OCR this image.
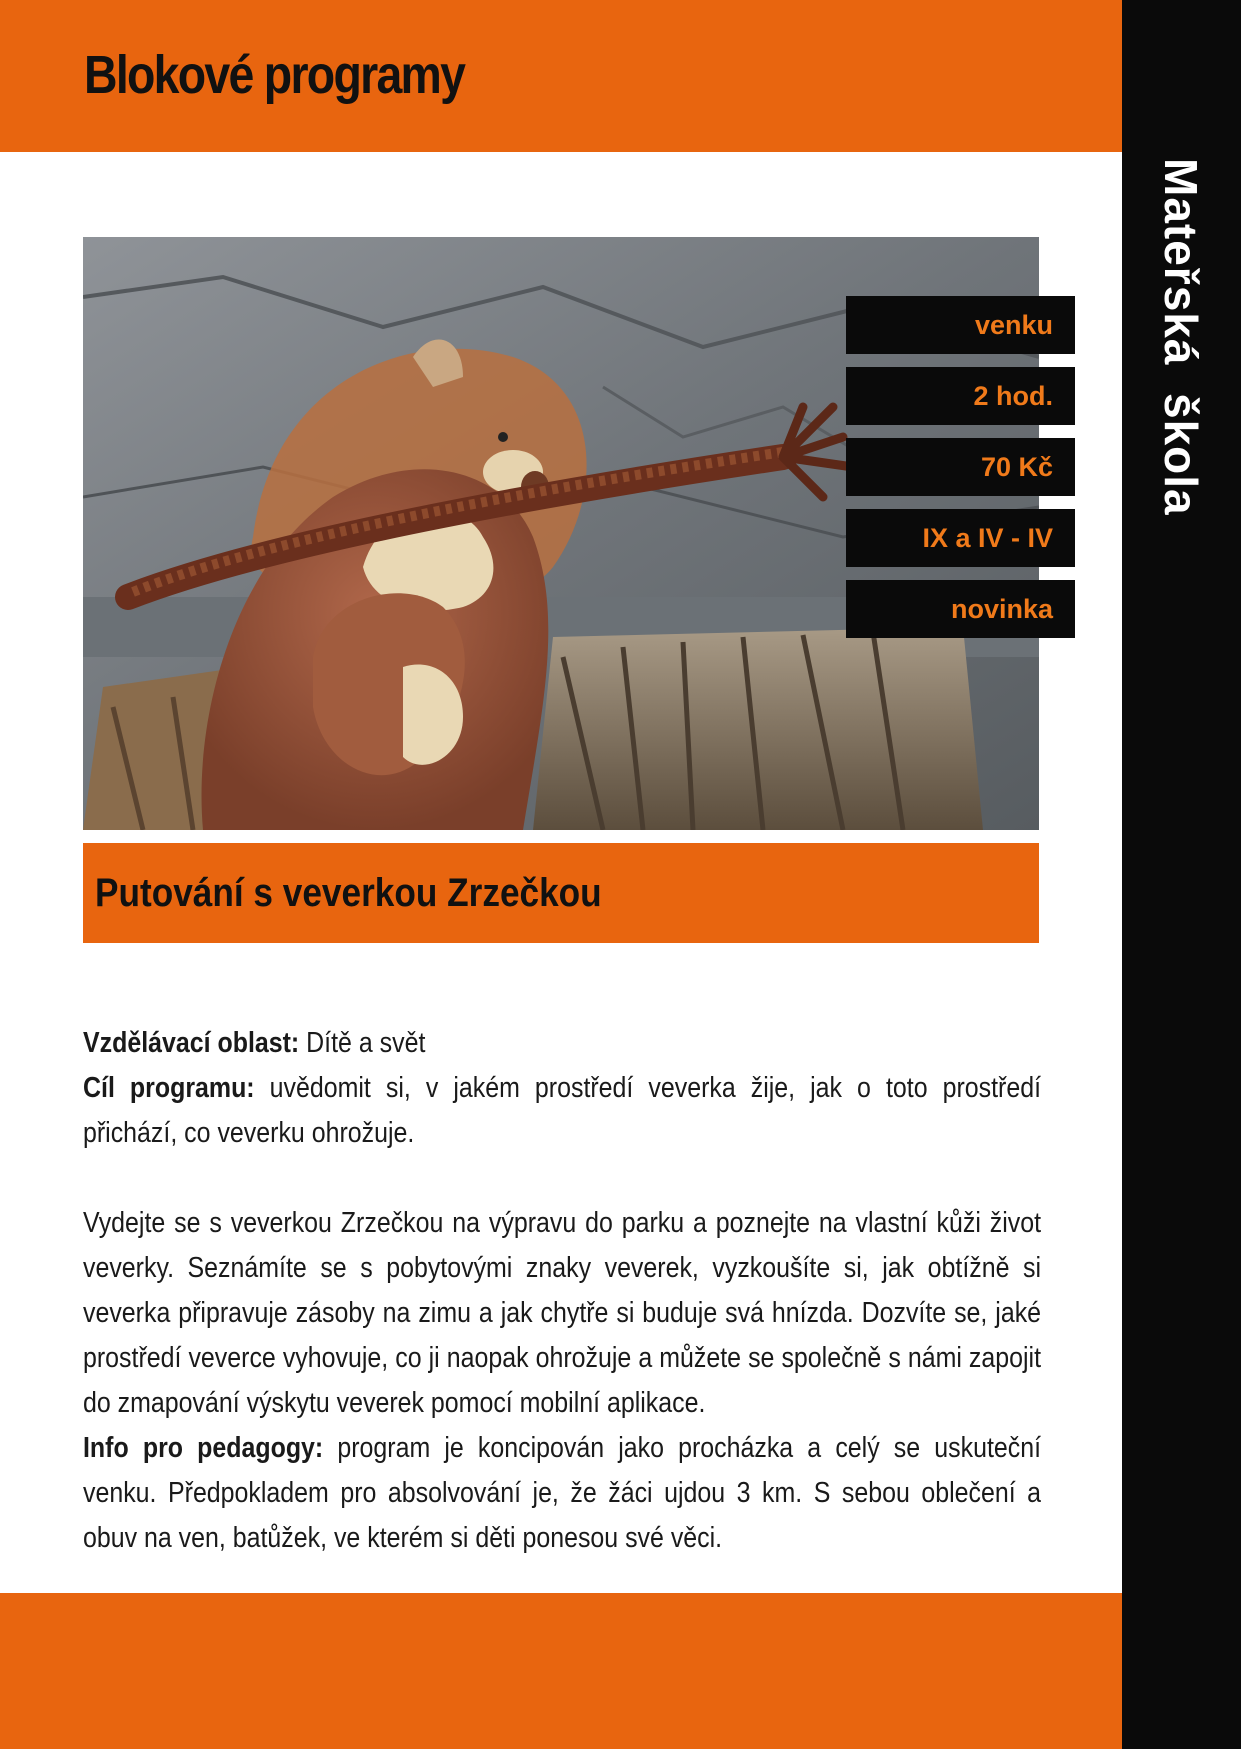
Blokové programy
Mateřská  škola
venku
2 hod.
70 Kč
IX a IV - IV
novinka
Putování s veverkou Zrzečkou

Vzdělávací oblast: Dítě a svět

Cíl programu: uvědomit si, v jakém prostředí veverka žije, jak o toto prostředí přichází, co veverku ohrožuje.

Vydejte se s veverkou Zrzečkou na výpravu do parku a poznejte na vlastní kůži život veverky. Seznámíte se s pobytovými znaky veverek, vyzkoušíte si, jak obtížně si veverka připravuje zásoby na zimu a jak chytře si buduje svá hnízda. Dozvíte se, jaké prostředí veverce vyhovuje, co ji naopak ohrožuje a můžete se společně s námi zapojit do zmapování výskytu veverek pomocí mobilní aplikace.

Info pro pedagogy: program je koncipován jako procházka a celý se uskuteční venku. Předpokladem pro absolvování je, že žáci ujdou 3 km. S sebou oblečení a obuv na ven, batůžek, ve kterém si děti ponesou své věci.
